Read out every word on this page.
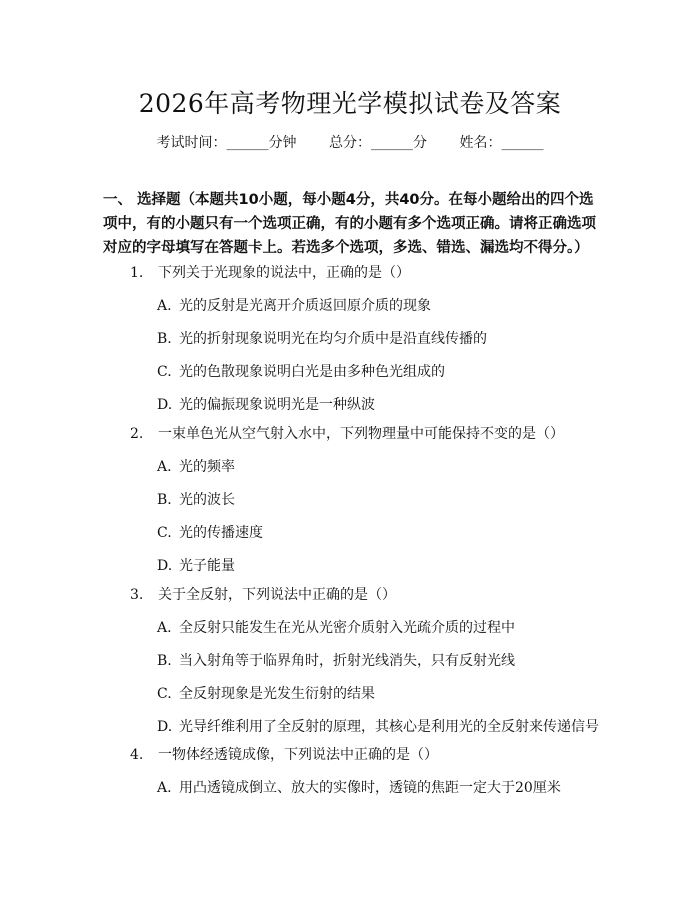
2026年高考物理光学模拟试卷及答案
考试时间：______分钟 总分：______分 姓名：______
一、 选择题（本题共10小题，每小题4分，共40分。在每小题给出的四个选项中，有的小题只有一个选项正确，有的小题有多个选项正确。请将正确选项对应的字母填写在答题卡上。若选多个选项，多选、错选、漏选均不得分。）
1. 下列关于光现象的说法中，正确的是（）
A. 光的反射是光离开介质返回原介质的现象
B. 光的折射现象说明光在均匀介质中是沿直线传播的
C. 光的色散现象说明白光是由多种色光组成的
D. 光的偏振现象说明光是一种纵波
2. 一束单色光从空气射入水中，下列物理量中可能保持不变的是（）
A. 光的频率
B. 光的波长
C. 光的传播速度
D. 光子能量
3. 关于全反射，下列说法中正确的是（）
A. 全反射只能发生在光从光密介质射入光疏介质的过程中
B. 当入射角等于临界角时，折射光线消失，只有反射光线
C. 全反射现象是光发生衍射的结果
D. 光导纤维利用了全反射的原理，其核心是利用光的全反射来传递信号
4. 一物体经透镜成像，下列说法中正确的是（）
A. 用凸透镜成倒立、放大的实像时，透镜的焦距一定大于20厘米
